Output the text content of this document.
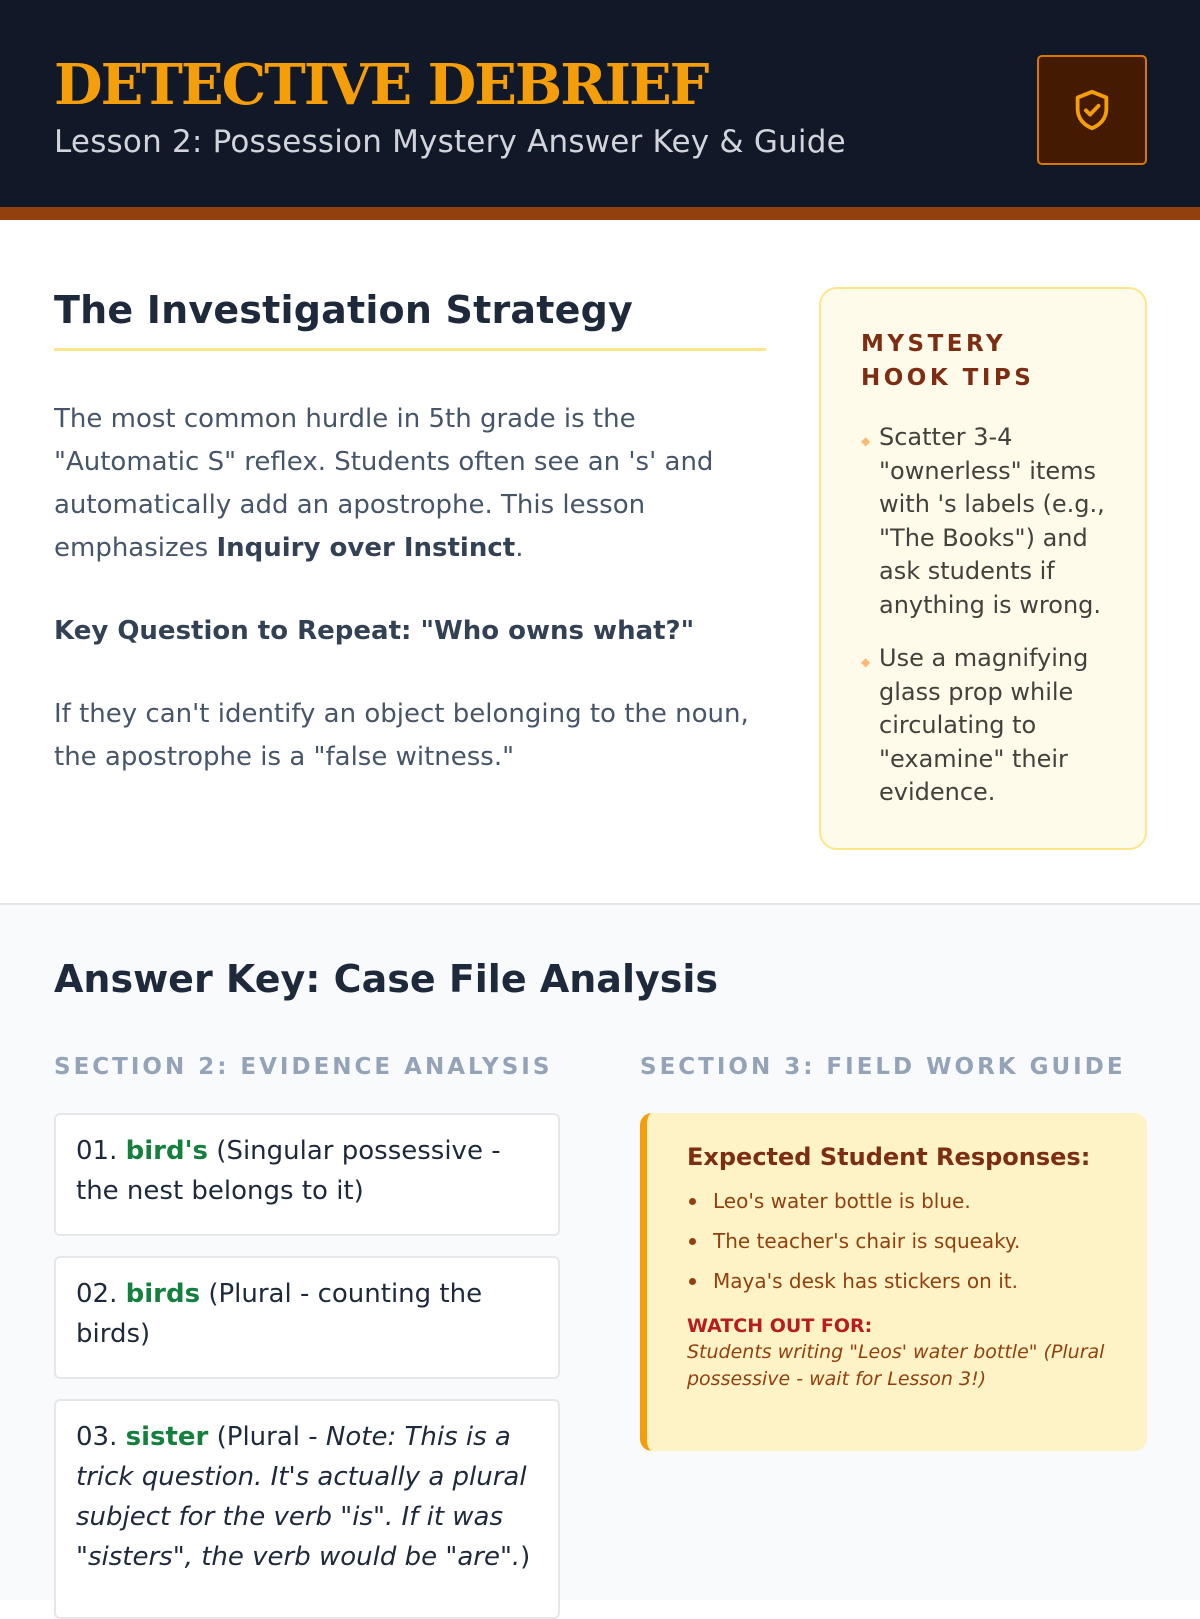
DETECTIVE DEBRIEF
Lesson 2: Possession Mystery Answer Key & Guide
The Investigation Strategy

The most common hurdle in 5th grade is the "Automatic S" reflex. Students often see an 's' and automatically add an apostrophe. This lesson emphasizes Inquiry over Instinct.

Key Question to Repeat: "Who owns what?"

If they can't identify an object belonging to the noun, the apostrophe is a "false witness."

MYSTERY HOOK TIPS
◆ Scatter 3-4 "ownerless" items with 's labels (e.g., "The Books") and ask students if anything is wrong.
◆ Use a magnifying glass prop while circulating to "examine" their evidence.
Answer Key: Case File Analysis
SECTION 2: EVIDENCE ANALYSIS	SECTION 3: FIELD WORK GUIDE
01. bird's (Singular possessive - the nest belongs to it)
02. birds (Plural - counting the birds)
03. sister (Plural - Note: This is a trick question. It's actually a plural subject for the verb "is". If it was "sisters", the verb would be "are".)
Expected Student Responses:
Leo's water bottle is blue.
The teacher's chair is squeaky.
Maya's desk has stickers on it.
WATCH OUT FOR:
Students writing "Leos' water bottle" (Plural possessive - wait for Lesson 3!)
